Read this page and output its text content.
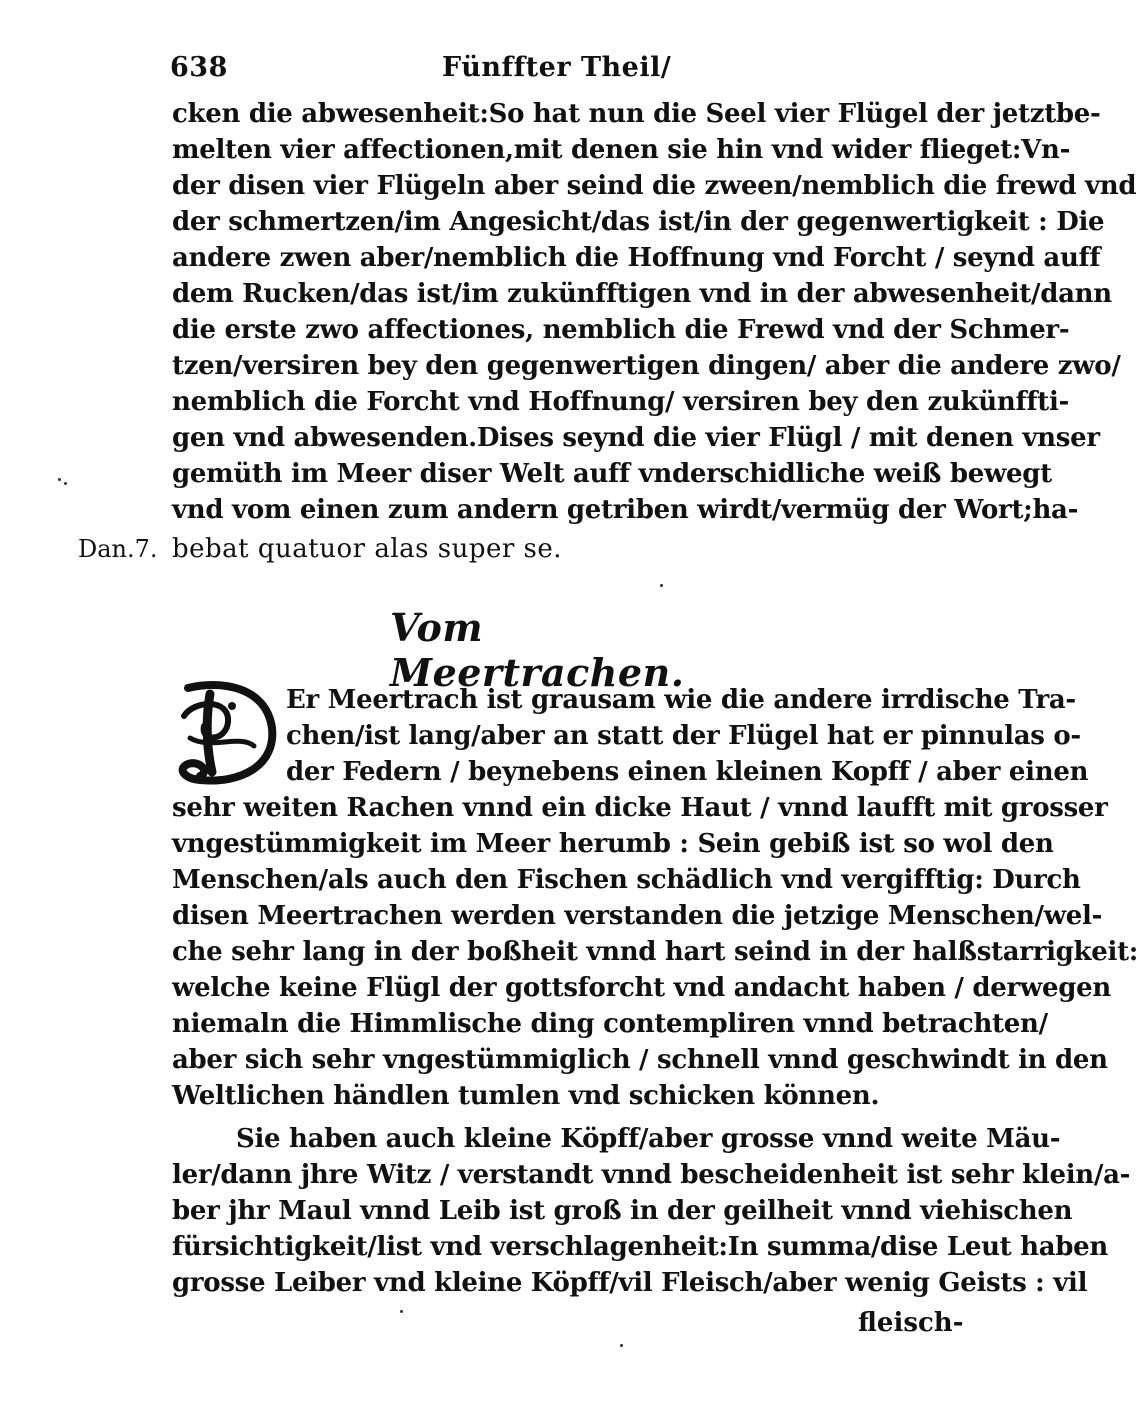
638	Fünffter Theil/
cken die abwesenheit:So hat nun die Seel vier Flügel der jetztbe-
melten vier affectionen,mit denen sie hin vnd wider flieget:Vn-
der disen vier Flügeln aber seind die zween/nemblich die frewd vnd
der schmertzen/im Angesicht/das ist/in der gegenwertigkeit : Die
andere zwen aber/nemblich die Hoffnung vnd Forcht / seynd auff
dem Rucken/das ist/im zukünfftigen vnd in der abwesenheit/dann
die erste zwo affectiones, nemblich die Frewd vnd der Schmer-
tzen/versiren bey den gegenwertigen dingen/ aber die andere zwo/
nemblich die Forcht vnd Hoffnung/ versiren bey den zukünffti-
gen vnd abwesenden.Dises seynd die vier Flügl / mit denen vnser
gemüth im Meer diser Welt auff vnderschidliche weiß bewegt
vnd vom einen zum andern getriben wirdt/vermüg der Wort;ha-
bebat quatuor alas super se.
Dan.7.
Vom Meertrachen.
Er Meertrach ist grausam wie die andere irrdische Tra-
chen/ist lang/aber an statt der Flügel hat er pinnulas o-
der Federn / beynebens einen kleinen Kopff / aber einen
sehr weiten Rachen vnnd ein dicke Haut / vnnd laufft mit grosser
vngestümmigkeit im Meer herumb : Sein gebiß ist so wol den
Menschen/als auch den Fischen schädlich vnd vergifftig: Durch
disen Meertrachen werden verstanden die jetzige Menschen/wel-
che sehr lang in der boßheit vnnd hart seind in der halßstarrigkeit:
welche keine Flügl der gottsforcht vnd andacht haben / derwegen
niemaln die Himmlische ding contempliren vnnd betrachten/
aber sich sehr vngestümmiglich / schnell vnnd geschwindt in den
Weltlichen händlen tumlen vnd schicken können.
Sie haben auch kleine Köpff/aber grosse vnnd weite Mäu-
ler/dann jhre Witz / verstandt vnnd bescheidenheit ist sehr klein/a-
ber jhr Maul vnnd Leib ist groß in der geilheit vnnd viehischen
fürsichtigkeit/list vnd verschlagenheit:In summa/dise Leut haben
grosse Leiber vnd kleine Köpff/vil Fleisch/aber wenig Geists : vil
fleisch-
